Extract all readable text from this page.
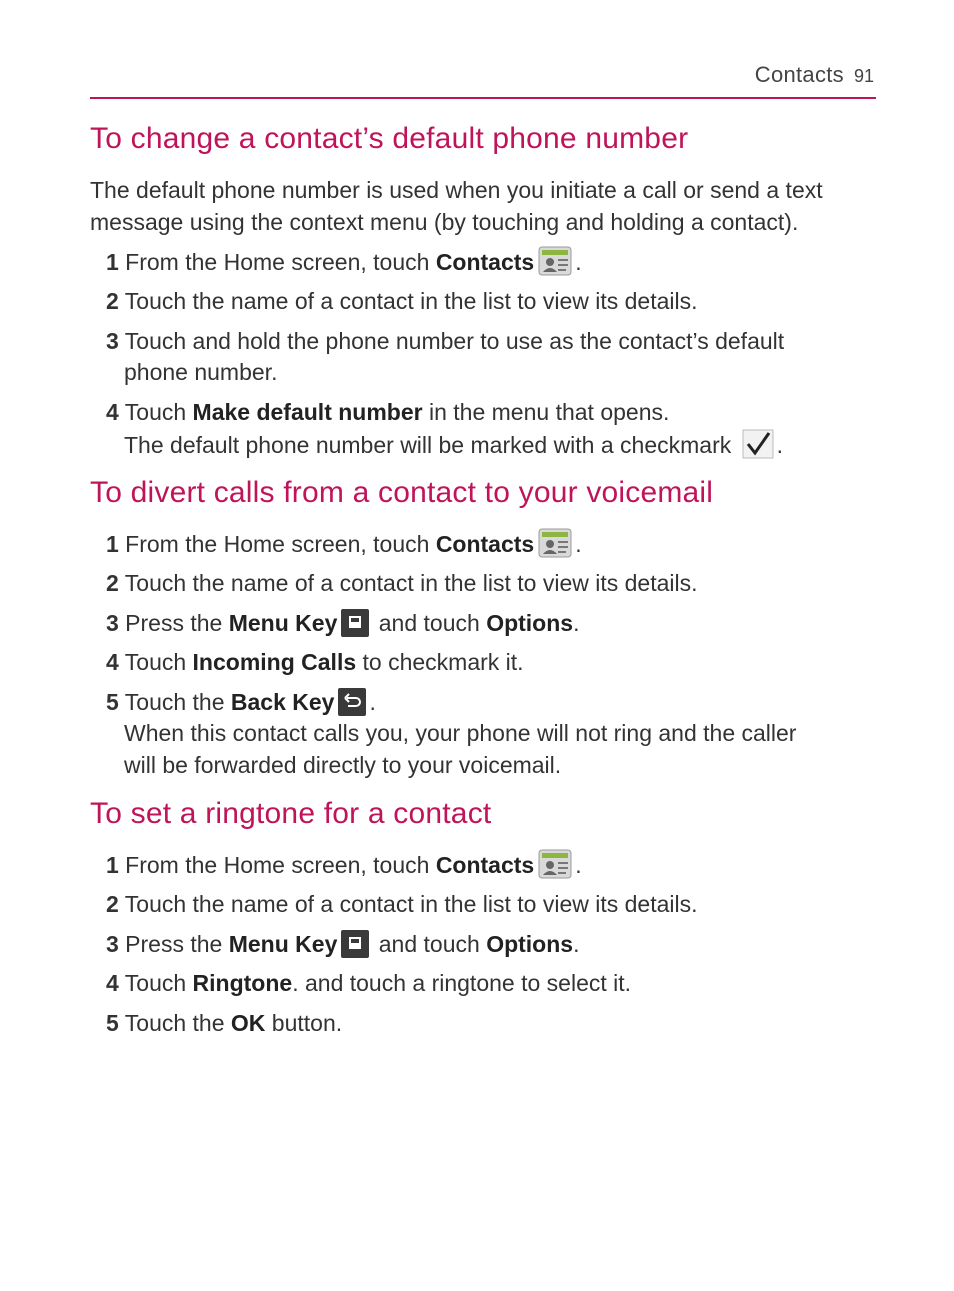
Contacts 91
To change a contact’s default phone number

The default phone number is used when you initiate a call or send a text message using the context menu (by touching and holding a contact).

1 From the Home screen, touch Contacts .
2 Touch the name of a contact in the list to view its details.
3 Touch and hold the phone number to use as the contact’s default
phone number.
4 Touch Make default number in the menu that opens.
The default phone number will be marked with a checkmark .
To divert calls from a contact to your voicemail
1 From the Home screen, touch Contacts .
2 Touch the name of a contact in the list to view its details.
3 Press the Menu Key and touch Options.
4 Touch Incoming Calls to checkmark it.
5 Touch the Back Key .
When this contact calls you, your phone will not ring and the caller
will be forwarded directly to your voicemail.
To set a ringtone for a contact
1 From the Home screen, touch Contacts .
2 Touch the name of a contact in the list to view its details.
3 Press the Menu Key and touch Options.
4 Touch Ringtone. and touch a ringtone to select it.
5 Touch the OK button.
